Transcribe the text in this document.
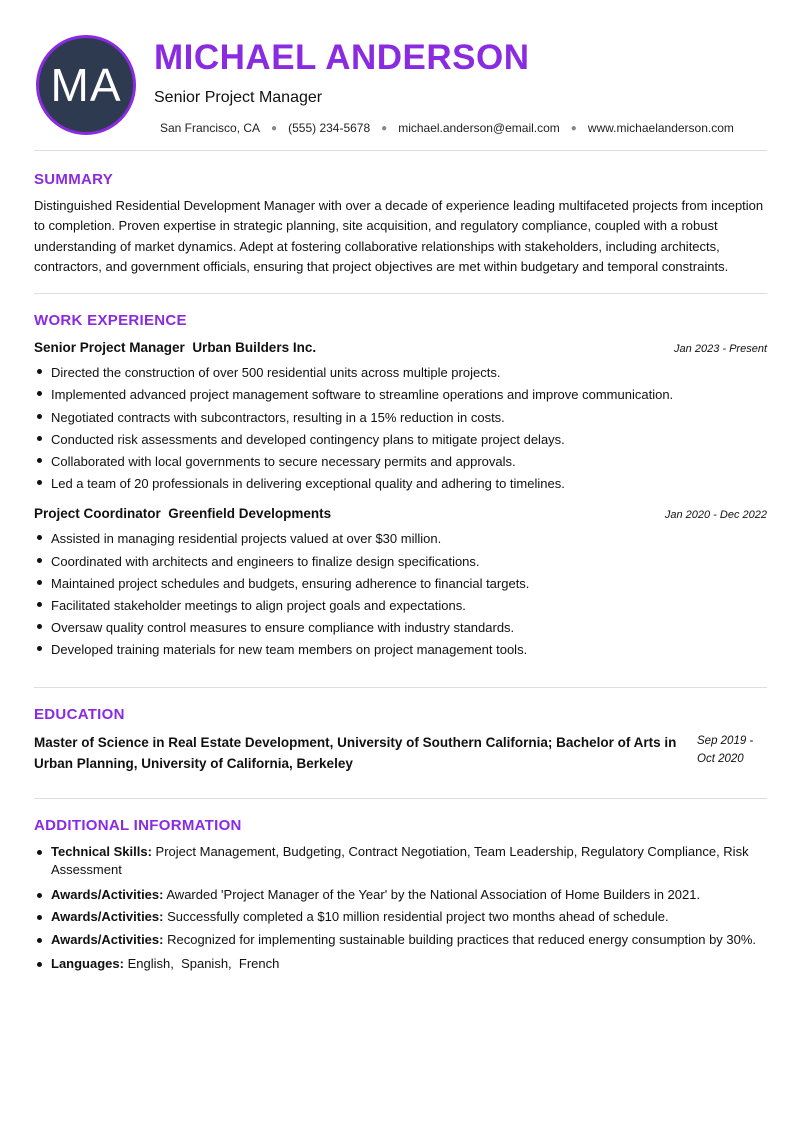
MA
MICHAEL ANDERSON
Senior Project Manager
San Francisco, CA ● (555) 234-5678 ● michael.anderson@email.com ● www.michaelanderson.com
SUMMARY

Distinguished Residential Development Manager with over a decade of experience leading multifaceted projects from inception to completion. Proven expertise in strategic planning, site acquisition, and regulatory compliance, coupled with a robust understanding of market dynamics. Adept at fostering collaborative relationships with stakeholders, including architects, contractors, and government officials, ensuring that project objectives are met within budgetary and temporal constraints.

WORK EXPERIENCE
Senior Project Manager Urban Builders Inc.	Jan 2023 - Present
Directed the construction of over 500 residential units across multiple projects.
Implemented advanced project management software to streamline operations and improve communication.
Negotiated contracts with subcontractors, resulting in a 15% reduction in costs.
Conducted risk assessments and developed contingency plans to mitigate project delays.
Collaborated with local governments to secure necessary permits and approvals.
Led a team of 20 professionals in delivering exceptional quality and adhering to timelines.
Project Coordinator Greenfield Developments	Jan 2020 - Dec 2022
Assisted in managing residential projects valued at over $30 million.
Coordinated with architects and engineers to finalize design specifications.
Maintained project schedules and budgets, ensuring adherence to financial targets.
Facilitated stakeholder meetings to align project goals and expectations.
Oversaw quality control measures to ensure compliance with industry standards.
Developed training materials for new team members on project management tools.
EDUCATION
Master of Science in Real Estate Development, University of Southern California; Bachelor of Arts in Urban Planning, University of California, Berkeley
Sep 2019 - Oct 2020
ADDITIONAL INFORMATION
Technical Skills: Project Management, Budgeting, Contract Negotiation, Team Leadership, Regulatory Compliance, Risk Assessment
Awards/Activities: Awarded 'Project Manager of the Year' by the National Association of Home Builders in 2021.
Awards/Activities: Successfully completed a $10 million residential project two months ahead of schedule.
Awards/Activities: Recognized for implementing sustainable building practices that reduced energy consumption by 30%.
Languages: English,  Spanish,  French
